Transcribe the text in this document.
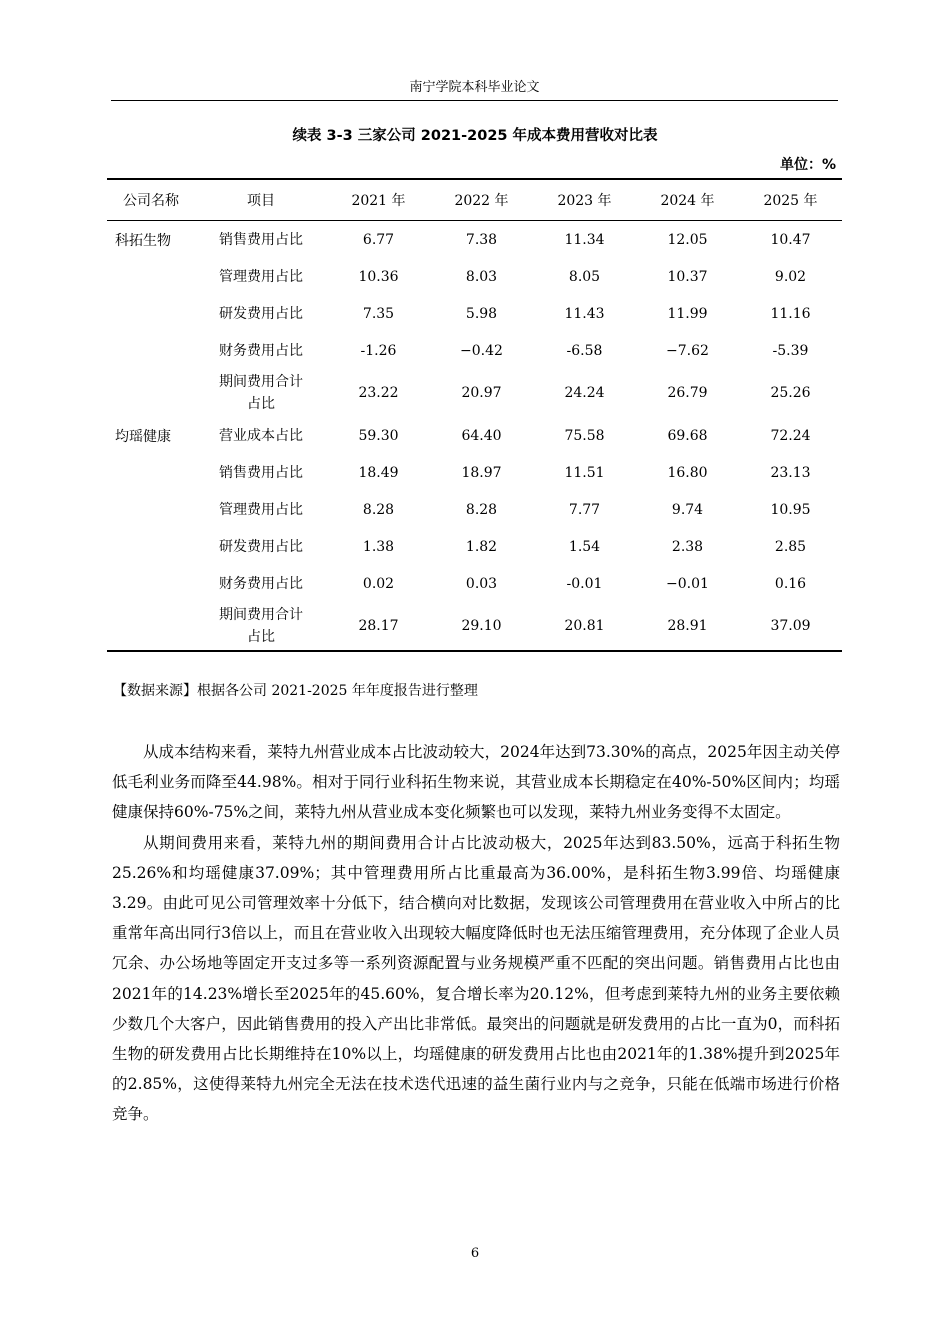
南宁学院本科毕业论文
续表 3-3 三家公司 2021-2025 年成本费用营收对比表
单位：%
公司名称	项目	2021 年	2022 年	2023 年	2024 年	2025 年
科拓生物	销售费用占比	6.77	7.38	11.34	12.05	10.47
	管理费用占比	10.36	8.03	8.05	10.37	9.02
	研发费用占比	7.35	5.98	11.43	11.99	11.16
	财务费用占比	-1.26	−0.42	-6.58	−7.62	-5.39
	期间费用合计占比	23.22	20.97	24.24	26.79	25.26
均瑶健康	营业成本占比	59.30	64.40	75.58	69.68	72.24
	销售费用占比	18.49	18.97	11.51	16.80	23.13
	管理费用占比	8.28	8.28	7.77	9.74	10.95
	研发费用占比	1.38	1.82	1.54	2.38	2.85
	财务费用占比	0.02	0.03	-0.01	−0.01	0.16
	期间费用合计占比	28.17	29.10	20.81	28.91	37.09
【数据来源】根据各公司 2021-2025 年年度报告进行整理

从成本结构来看，莱特九州营业成本占比波动较大，2024年达到73.30%的高点，2025年因主动关停低毛利业务而降至44.98%。相对于同行业科拓生物来说，其营业成本长期稳定在40%-50%区间内；均瑶健康保持60%-75%之间，莱特九州从营业成本变化频繁也可以发现，莱特九州业务变得不太固定。

从期间费用来看，莱特九州的期间费用合计占比波动极大，2025年达到83.50%，远高于科拓生物25.26%和均瑶健康37.09%；其中管理费用所占比重最高为36.00%，是科拓生物3.99倍、均瑶健康3.29。由此可见公司管理效率十分低下，结合横向对比数据，发现该公司管理费用在营业收入中所占的比重常年高出同行3倍以上，而且在营业收入出现较大幅度降低时也无法压缩管理费用，充分体现了企业人员冗余、办公场地等固定开支过多等一系列资源配置与业务规模严重不匹配的突出问题。销售费用占比也由2021年的14.23%增长至2025年的45.60%，复合增长率为20.12%，但考虑到莱特九州的业务主要依赖少数几个大客户，因此销售费用的投入产出比非常低。最突出的问题就是研发费用的占比一直为0，而科拓生物的研发费用占比长期维持在10%以上，均瑶健康的研发费用占比也由2021年的1.38%提升到2025年的2.85%，这使得莱特九州完全无法在技术迭代迅速的益生菌行业内与之竞争，只能在低端市场进行价格竞争。

6
